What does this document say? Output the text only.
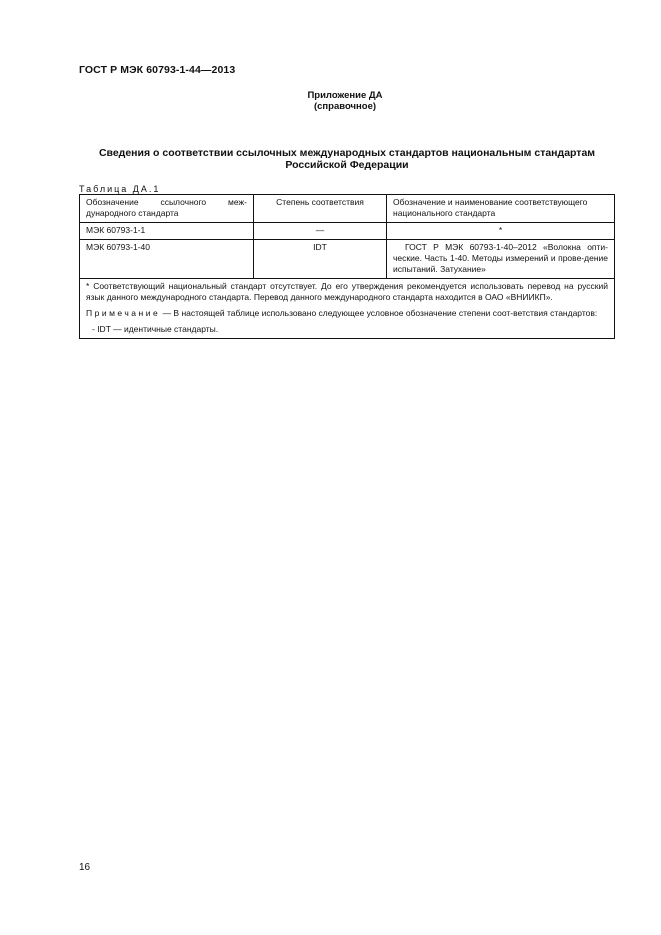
ГОСТ Р МЭК 60793-1-44—2013
Приложение ДА
(справочное)
Сведения о соответствии ссылочных международных стандартов национальным стандартам
Российской Федерации
Таблица ДА.1
Обозначение ссылочного меж-дународного стандарта	Степень соответствия	Обозначение и наименование соответствующего национального стандарта
МЭК 60793-1-1	—	*
МЭК 60793-1-40	IDT	ГОСТ Р МЭК 60793-1-40–2012 «Волокна опти-ческие. Часть 1-40. Методы измерений и прове-дение испытаний. Затухание»

* Соответствующий национальный стандарт отсутствует. До его утверждения рекомендуется использовать перевод на русский язык данного международного стандарта. Перевод данного международного стандарта находится в ОАО «ВНИИКП».

Примечание — В настоящей таблице использовано следующее условное обозначение степени соот-ветствия стандартов:

- IDT — идентичные стандарты.		

16
